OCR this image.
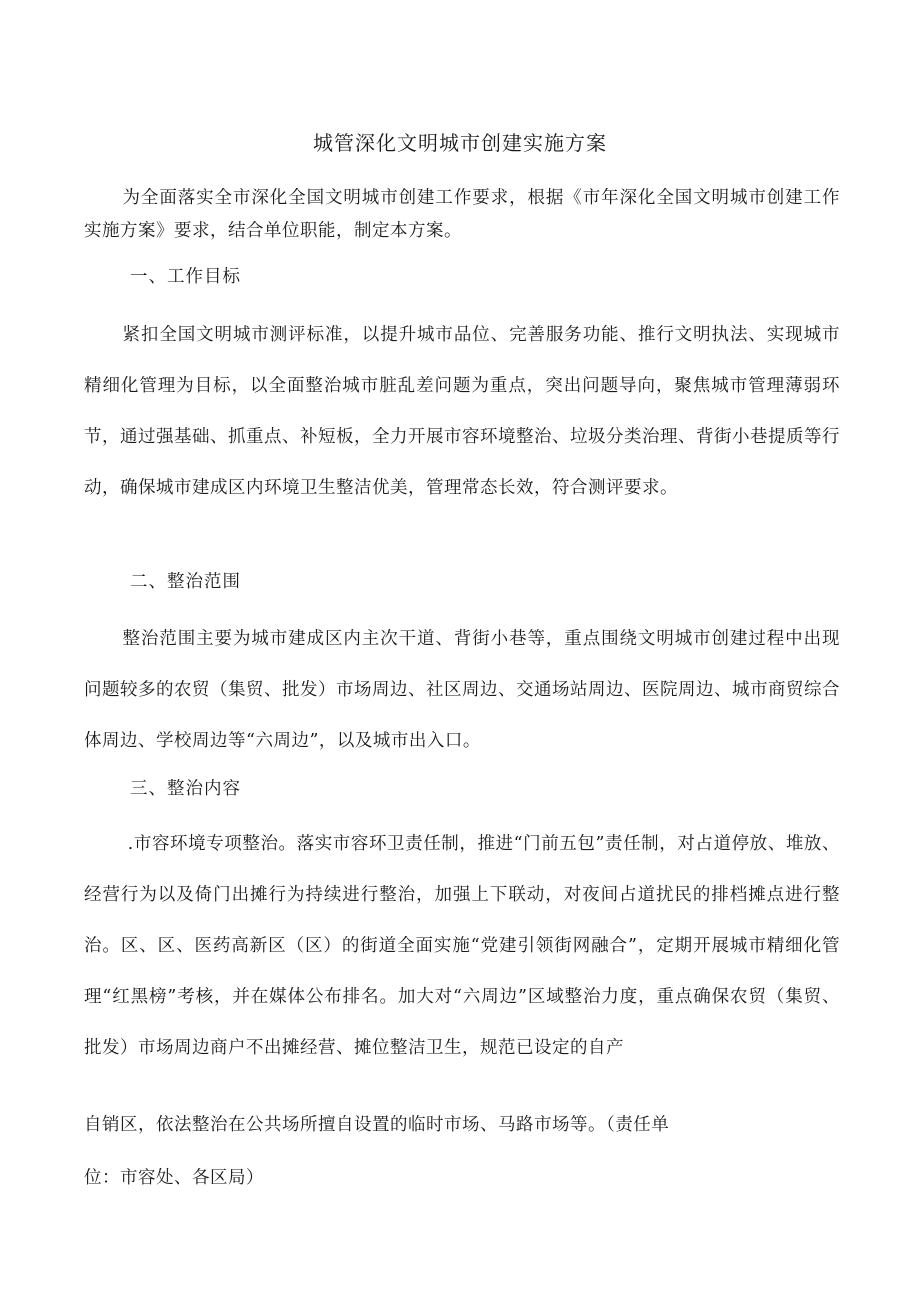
城管深化文明城市创建实施方案

为全面落实全市深化全国文明城市创建工作要求，根据《市年深化全国文明城市创建工作实施方案》要求，结合单位职能，制定本方案。

一、工作目标

紧扣全国文明城市测评标准，以提升城市品位、完善服务功能、推行文明执法、实现城市精细化管理为目标，以全面整治城市脏乱差问题为重点，突出问题导向，聚焦城市管理薄弱环节，通过强基础、抓重点、补短板，全力开展市容环境整治、垃圾分类治理、背街小巷提质等行动，确保城市建成区内环境卫生整洁优美，管理常态长效，符合测评要求。

二、整治范围

整治范围主要为城市建成区内主次干道、背街小巷等，重点围绕文明城市创建过程中出现问题较多的农贸（集贸、批发）市场周边、社区周边、交通场站周边、医院周边、城市商贸综合体周边、学校周边等“六周边”，以及城市出入口。

三、整治内容

.市容环境专项整治。落实市容环卫责任制，推进“门前五包”责任制，对占道停放、堆放、经营行为以及倚门出摊行为持续进行整治，加强上下联动，对夜间占道扰民的排档摊点进行整治。区、区、医药高新区（区）的街道全面实施“党建引领街网融合”，定期开展城市精细化管理“红黑榜”考核，并在媒体公布排名。加大对“六周边”区域整治力度，重点确保农贸（集贸、批发）市场周边商户不出摊经营、摊位整洁卫生，规范已设定的自产

自销区，依法整治在公共场所擅自设置的临时市场、马路市场等。（责任单
位：市容处、各区局）
